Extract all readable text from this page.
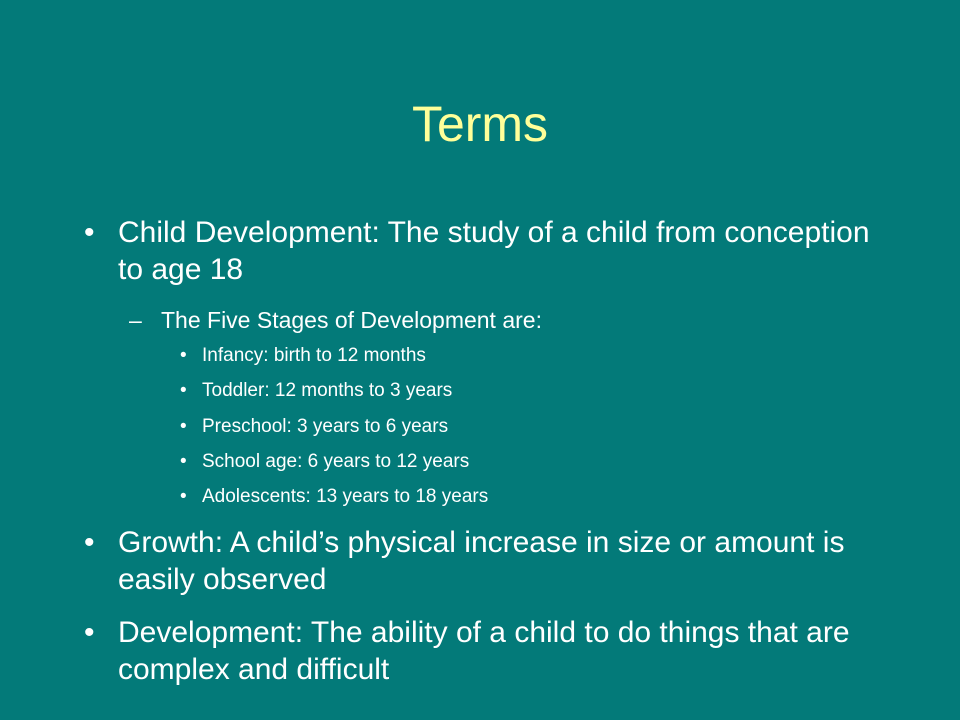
Terms
• Child Development: The study of a child from conception to age 18
– The Five Stages of Development are:
• Infancy: birth to 12 months
• Toddler: 12 months to 3 years
• Preschool: 3 years to 6 years
• School age: 6 years to 12 years
• Adolescents: 13 years to 18 years
• Growth: A child’s physical increase in size or amount is easily observed
• Development: The ability of a child to do things that are complex and difficult
